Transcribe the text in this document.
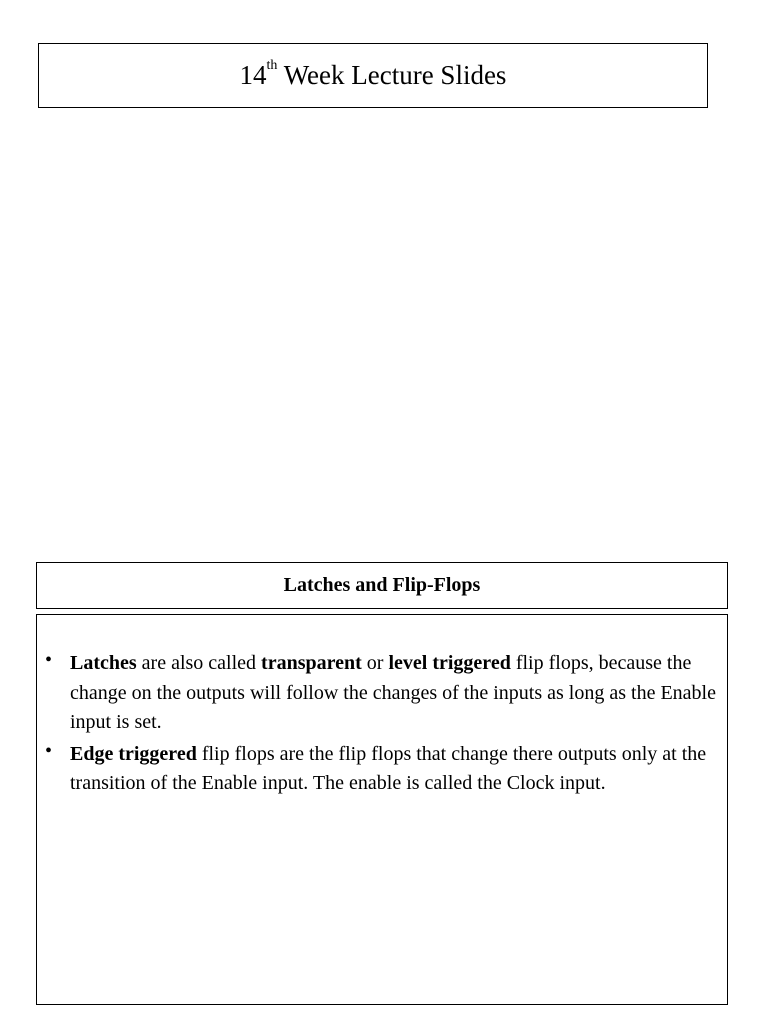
14th Week Lecture Slides
Latches and Flip-Flops
• Latches are also called transparent or level triggered flip flops, because the change on the outputs will follow the changes of the inputs as long as the Enable input is set.
• Edge triggered flip flops are the flip flops that change there outputs only at the transition of the Enable input. The enable is called the Clock input.
